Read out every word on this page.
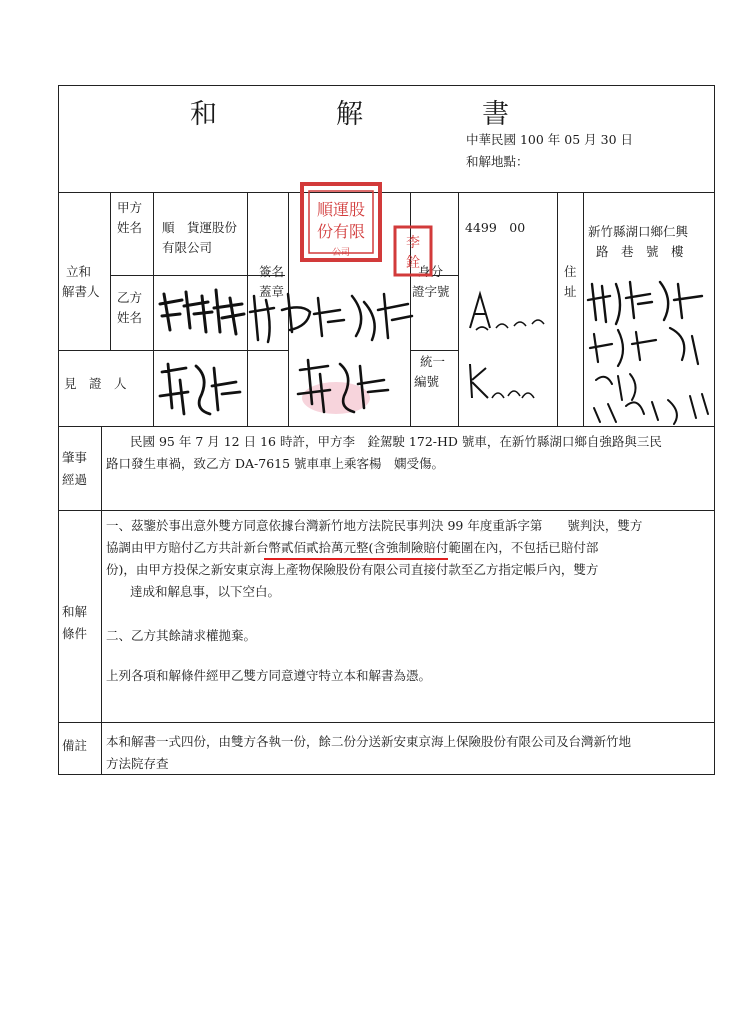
和　解　書
中華民國 100 年 05 月 30 日
和解地點：
立和
解書人
甲方
姓名 順　貨運股份
有限公司
乙方
姓名
簽名
蓋章
身分
證字號
統一
編號
4499　00
住
址
新竹縣湖口鄉仁興
路　巷　號　樓
見　證　人
順運股
份有限
公司
李
銓
肇事
經過
民國 95 年 7 月 12 日 16 時許，甲方李　銓駕駛 172-HD 號車，在新竹縣湖口鄉自強路與三民
路口發生車禍，致乙方 DA-7615 號車車上乘客楊　嫻受傷。
和解
條件
一、茲鑒於事出意外雙方同意依據台灣新竹地方法院民事判決 99 年度重訴字第　　號判決，雙方
協調由甲方賠付乙方共計新台幣貳佰貳拾萬元整(含強制險賠付範圍在內，不包括已賠付部
份)，由甲方投保之新安東京海上產物保險股份有限公司直接付款至乙方指定帳戶內，雙方
達成和解息事，以下空白。
二、乙方其餘請求權拋棄。
上列各項和解條件經甲乙雙方同意遵守特立本和解書為憑。
備註 本和解書一式四份，由雙方各執一份，餘二份分送新安東京海上保險股份有限公司及台灣新竹地
方法院存查
